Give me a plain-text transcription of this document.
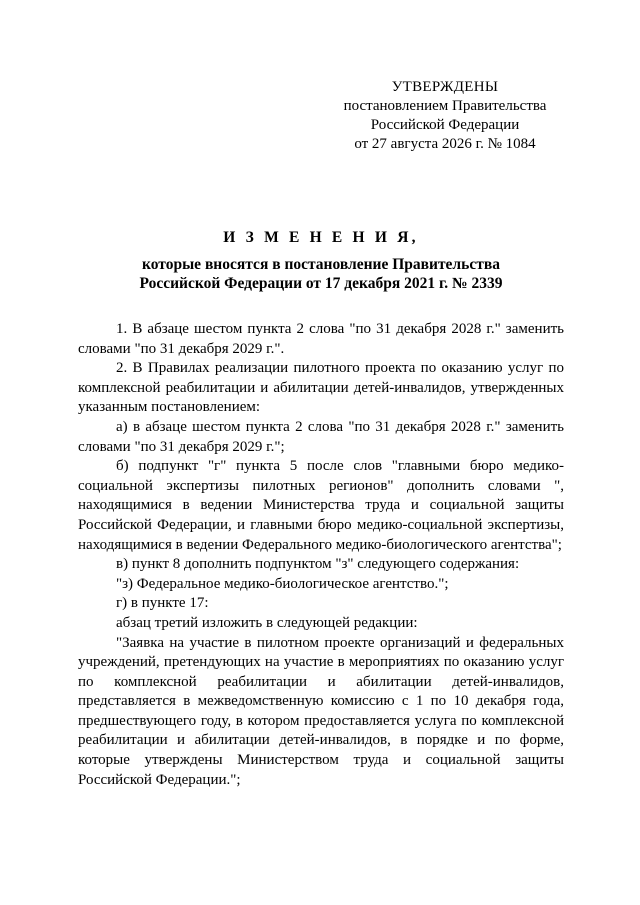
УТВЕРЖДЕНЫ
постановлением Правительства
Российской Федерации
от 27 августа 2026 г. № 1084
И З М Е Н Е Н И Я,
которые вносятся в постановление Правительства
Российской Федерации от 17 декабря 2021 г. № 2339

1. В абзаце шестом пункта 2 слова "по 31 декабря 2028 г." заменить словами "по 31 декабря 2029 г.".

2. В Правилах реализации пилотного проекта по оказанию услуг по комплексной реабилитации и абилитации детей-инвалидов, утвержденных указанным постановлением:

а) в абзаце шестом пункта 2 слова "по 31 декабря 2028 г." заменить словами "по 31 декабря 2029 г.";

б) подпункт "г" пункта 5 после слов "главными бюро медико-социальной экспертизы пилотных регионов" дополнить словами ", находящимися в ведении Министерства труда и социальной защиты Российской Федерации, и главными бюро медико-социальной экспертизы, находящимися в ведении Федерального медико-биологического агентства";

в) пункт 8 дополнить подпунктом "з" следующего содержания:

"з) Федеральное медико-биологическое агентство.";

г) в пункте 17:

абзац третий изложить в следующей редакции:

"Заявка на участие в пилотном проекте организаций и федеральных учреждений, претендующих на участие в мероприятиях по оказанию услуг по комплексной реабилитации и абилитации детей-инвалидов, представляется в межведомственную комиссию с 1 по 10 декабря года, предшествующего году, в котором предоставляется услуга по комплексной реабилитации и абилитации детей-инвалидов, в порядке и по форме, которые утверждены Министерством труда и социальной защиты Российской Федерации.";
